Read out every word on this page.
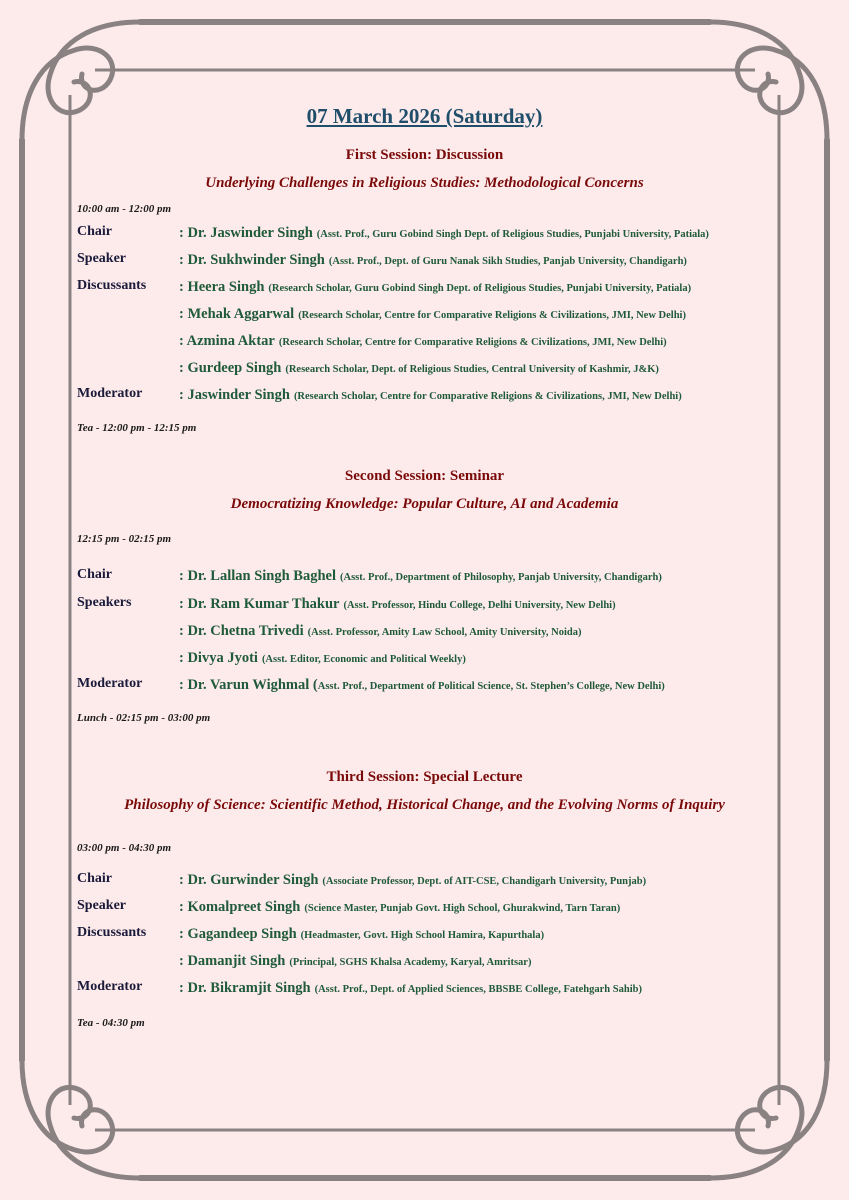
07 March 2026 (Saturday)
First Session: Discussion
Underlying Challenges in Religious Studies: Methodological Concerns
10:00 am - 12:00 pm
Chair	: Dr. Jaswinder Singh (Asst. Prof., Guru Gobind Singh Dept. of Religious Studies, Punjabi University, Patiala)
Speaker	: Dr. Sukhwinder Singh (Asst. Prof., Dept. of Guru Nanak Sikh Studies, Panjab University, Chandigarh)
Discussants : Heera Singh (Research Scholar, Guru Gobind Singh Dept. of Religious Studies, Punjabi University, Patiala)
: Mehak Aggarwal (Research Scholar, Centre for Comparative Religions & Civilizations, JMI, New Delhi)
: Azmina Aktar (Research Scholar, Centre for Comparative Religions & Civilizations, JMI, New Delhi)
: Gurdeep Singh (Research Scholar, Dept. of Religious Studies, Central University of Kashmir, J&K)
Moderator	: Jaswinder Singh (Research Scholar, Centre for Comparative Religions & Civilizations, JMI, New Delhi)
Tea - 12:00 pm - 12:15 pm
Second Session: Seminar
Democratizing Knowledge: Popular Culture, AI and Academia
12:15 pm - 02:15 pm
Chair	: Dr. Lallan Singh Baghel (Asst. Prof., Department of Philosophy, Panjab University, Chandigarh)
Speakers	: Dr. Ram Kumar Thakur (Asst. Professor, Hindu College, Delhi University, New Delhi)
: Dr. Chetna Trivedi (Asst. Professor, Amity Law School, Amity University, Noida)
: Divya Jyoti (Asst. Editor, Economic and Political Weekly)
Moderator	: Dr. Varun Wighmal (Asst. Prof., Department of Political Science, St. Stephen’s College, New Delhi)
Lunch - 02:15 pm - 03:00 pm
Third Session: Special Lecture
Philosophy of Science: Scientific Method, Historical Change, and the Evolving Norms of Inquiry
03:00 pm - 04:30 pm
Chair	: Dr. Gurwinder Singh (Associate Professor, Dept. of AIT-CSE, Chandigarh University, Punjab)
Speaker	: Komalpreet Singh (Science Master, Punjab Govt. High School, Ghurakwind, Tarn Taran)
Discussants : Gagandeep Singh (Headmaster, Govt. High School Hamira, Kapurthala)
: Damanjit Singh (Principal, SGHS Khalsa Academy, Karyal, Amritsar)
Moderator	: Dr. Bikramjit Singh (Asst. Prof., Dept. of Applied Sciences, BBSBE College, Fatehgarh Sahib)
Tea - 04:30 pm
